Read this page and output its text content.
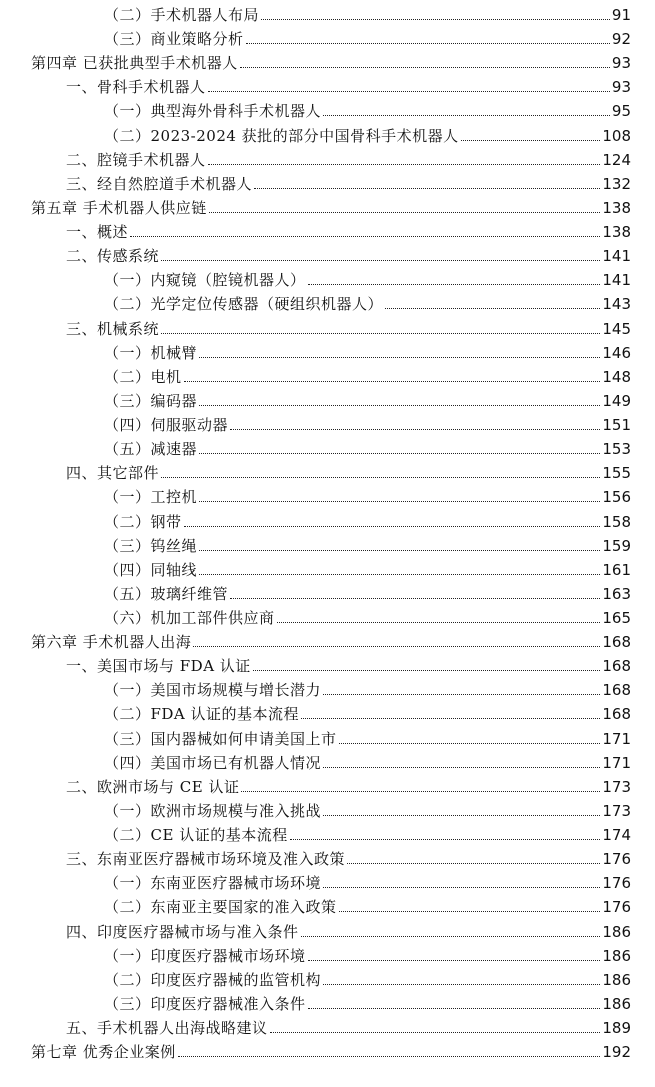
（二）手术机器人布局	91
（三）商业策略分析	92
第四章 已获批典型手术机器人	93
一、骨科手术机器人	93
（一）典型海外骨科手术机器人	95
（二）2023-2024 获批的部分中国骨科手术机器人	108
二、腔镜手术机器人	124
三、经自然腔道手术机器人	132
第五章 手术机器人供应链	138
一、概述	138
二、传感系统	141
（一）内窥镜（腔镜机器人）	141
（二）光学定位传感器（硬组织机器人）	143
三、机械系统	145
（一）机械臂	146
（二）电机	148
（三）编码器	149
（四）伺服驱动器	151
（五）减速器	153
四、其它部件	155
（一）工控机	156
（二）钢带	158
（三）钨丝绳	159
（四）同轴线	161
（五）玻璃纤维管	163
（六）机加工部件供应商	165
第六章 手术机器人出海	168
一、美国市场与 FDA 认证	168
（一）美国市场规模与增长潜力	168
（二）FDA 认证的基本流程	168
（三）国内器械如何申请美国上市	171
（四）美国市场已有机器人情况	171
二、欧洲市场与 CE 认证	173
（一）欧洲市场规模与准入挑战	173
（二）CE 认证的基本流程	174
三、东南亚医疗器械市场环境及准入政策	176
（一）东南亚医疗器械市场环境	176
（二）东南亚主要国家的准入政策	176
四、印度医疗器械市场与准入条件	186
（一）印度医疗器械市场环境	186
（二）印度医疗器械的监管机构	186
（三）印度医疗器械准入条件	186
五、手术机器人出海战略建议	189
第七章 优秀企业案例	192
